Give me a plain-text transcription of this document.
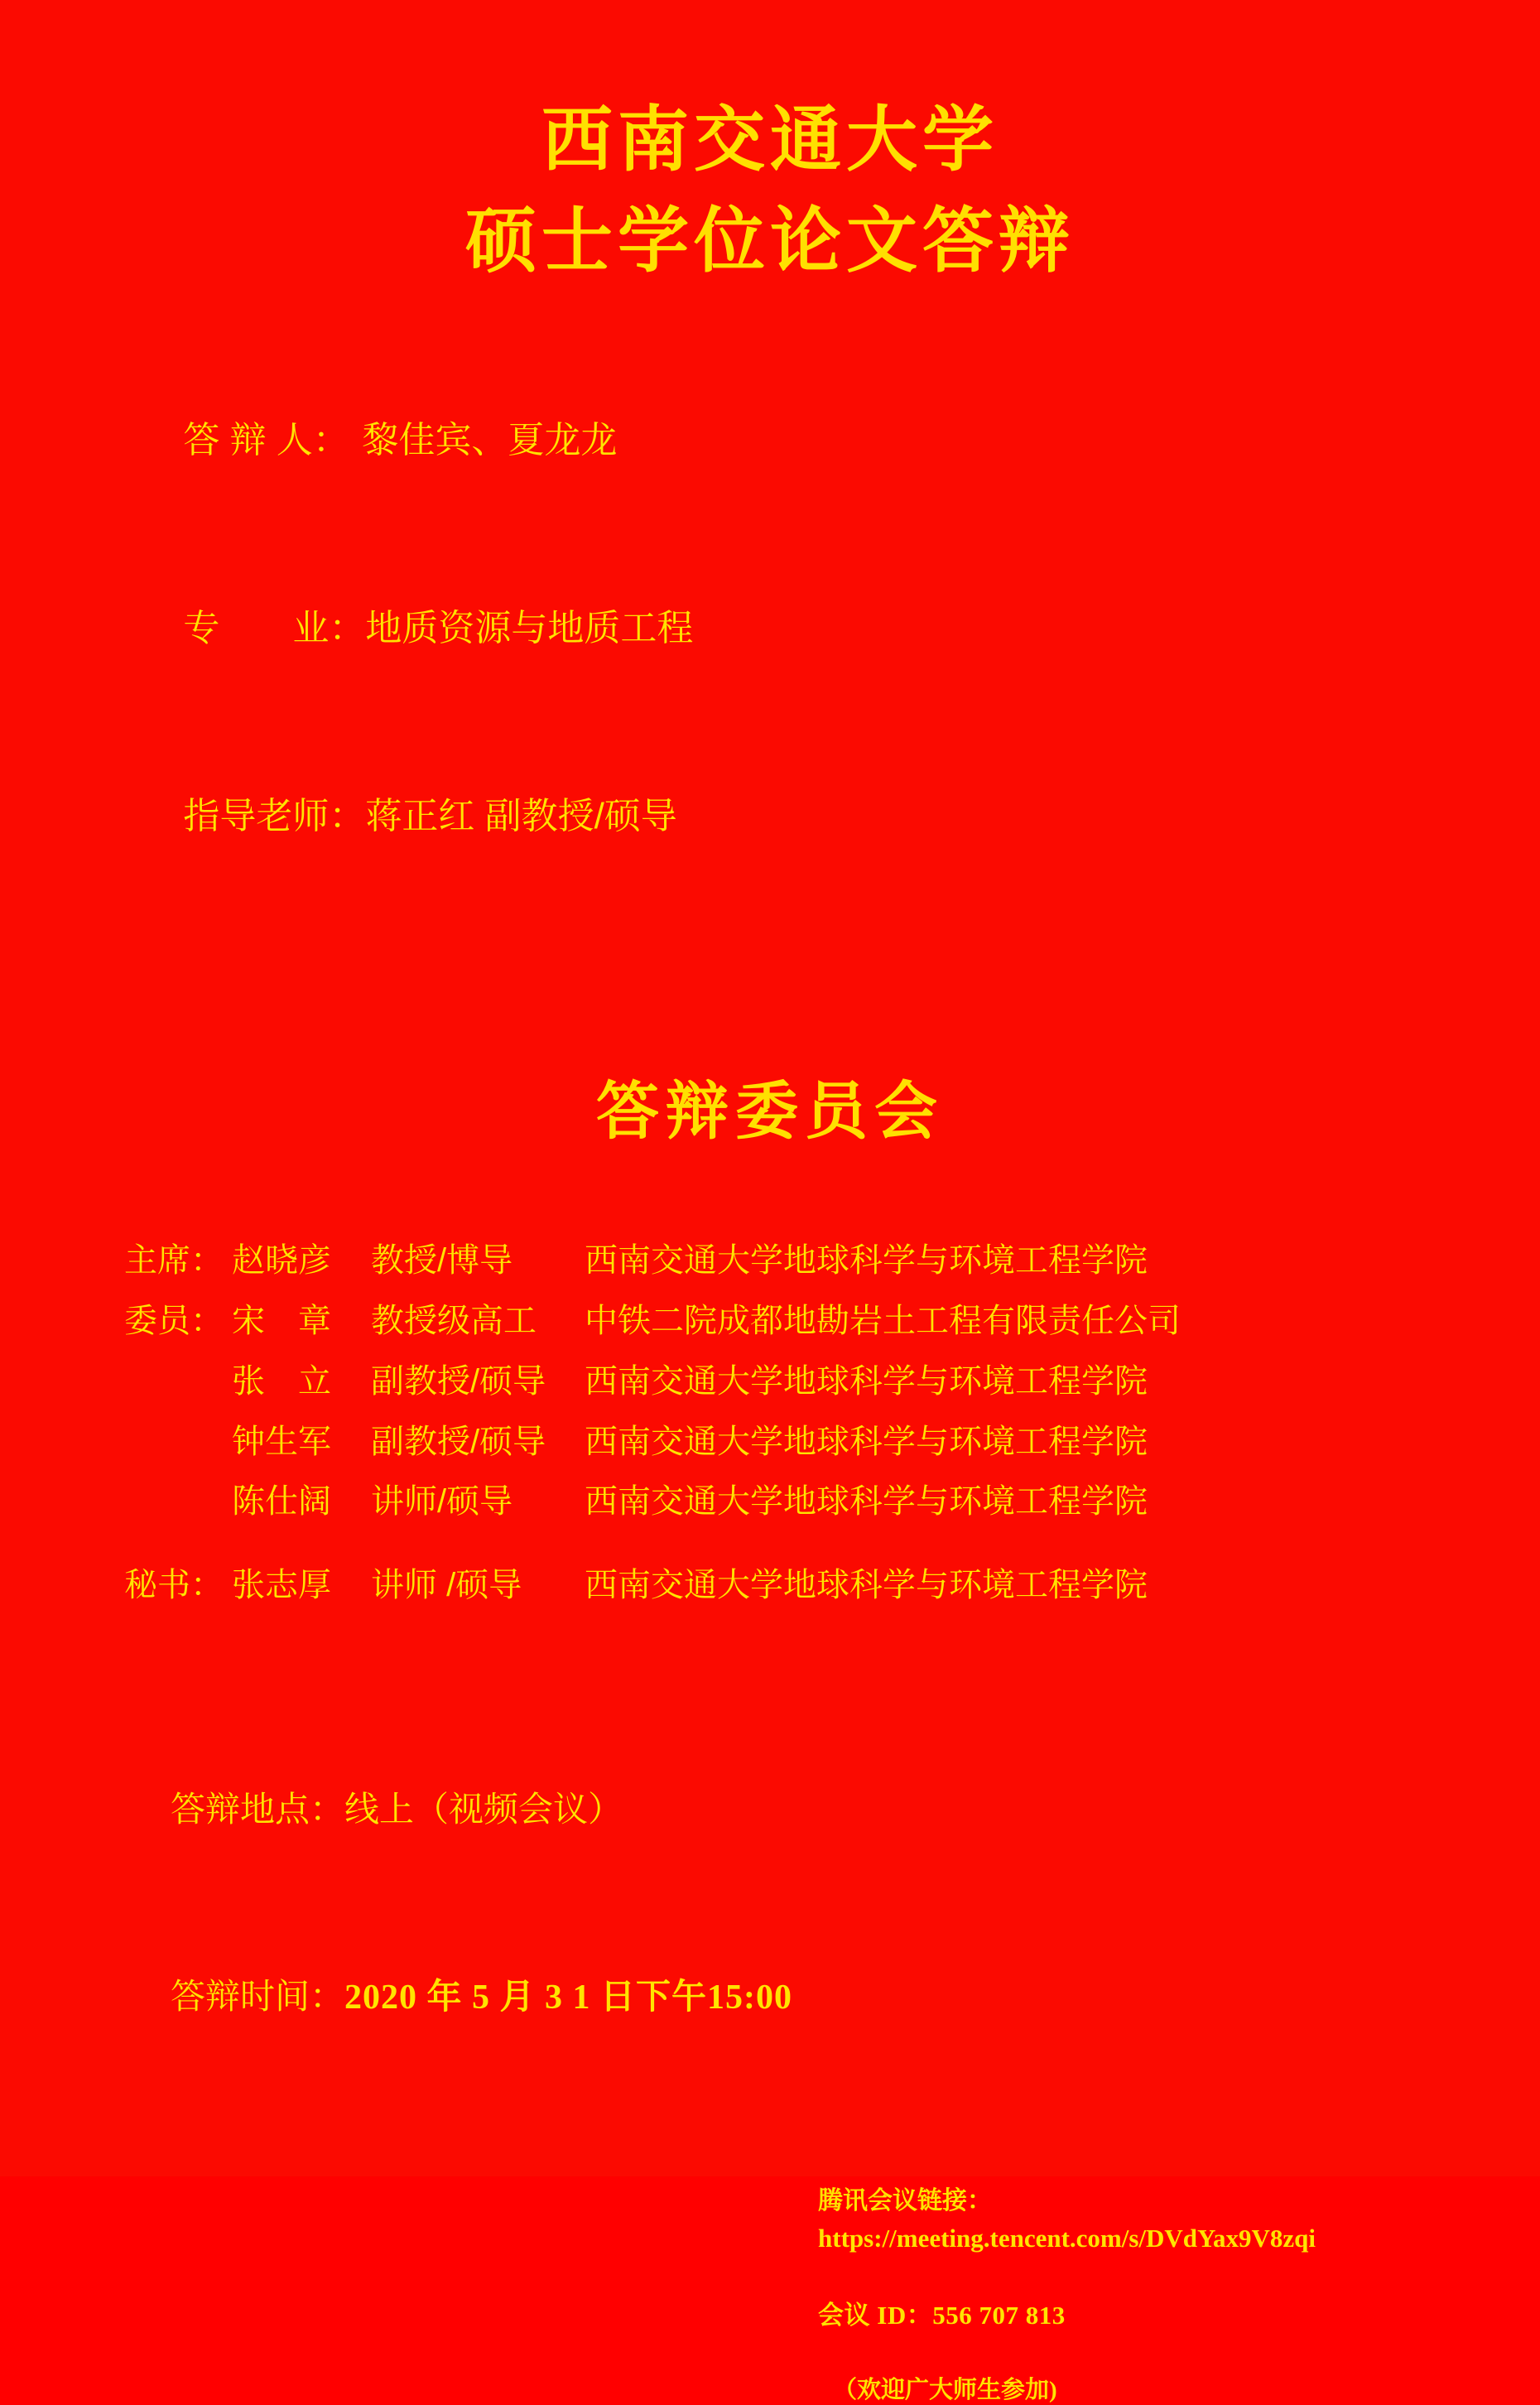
西南交通大学
硕士学位论文答辩

答 辩 人： 黎佳宾、夏龙龙

专　　业：地质资源与地质工程

指导老师：蒋正红 副教授/硕导

答辩委员会
主席： 赵晓彦	教授/博导	西南交通大学地球科学与环境工程学院
委员： 宋　章	教授级高工	中铁二院成都地勘岩土工程有限责任公司
张　立	副教授/硕导	西南交通大学地球科学与环境工程学院
钟生军	副教授/硕导	西南交通大学地球科学与环境工程学院
陈仕阔	讲师/硕导	西南交通大学地球科学与环境工程学院
秘书： 张志厚	讲师 /硕导	西南交通大学地球科学与环境工程学院

答辩地点：线上（视频会议）

答辩时间：2020 年 5 月 3 1 日下午15:00

腾讯会议链接：
https://meeting.tencent.com/s/DVdYax9V8zqi
会议 ID：556 707 813
（欢迎广大师生参加)
